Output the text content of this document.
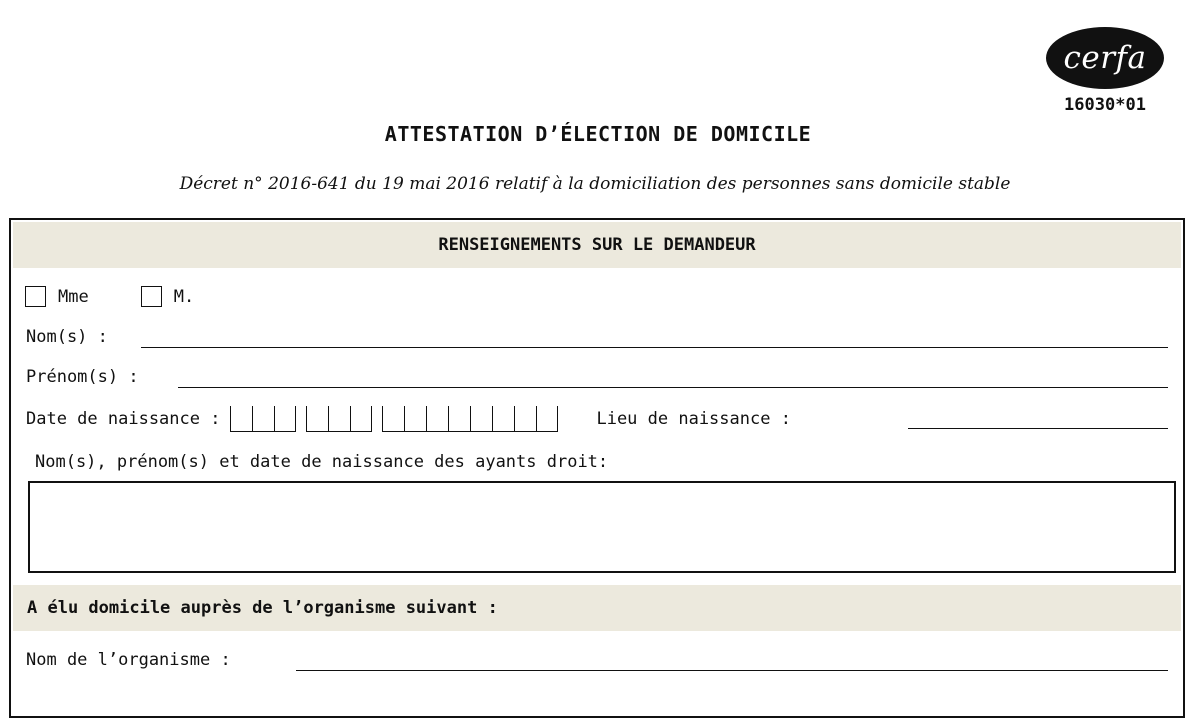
cerfa
16030*01
ATTESTATION D’ÉLECTION DE DOMICILE
Décret n° 2016-641 du 19 mai 2016 relatif à la domiciliation des personnes sans domicile stable
RENSEIGNEMENTS SUR LE DEMANDEUR
Mme	M.
Nom(s) :
Prénom(s) :
Date de naissance :	Lieu de naissance :
Nom(s), prénom(s) et date de naissance des ayants droit:
A élu domicile auprès de l’organisme suivant :
Nom de l’organisme :
